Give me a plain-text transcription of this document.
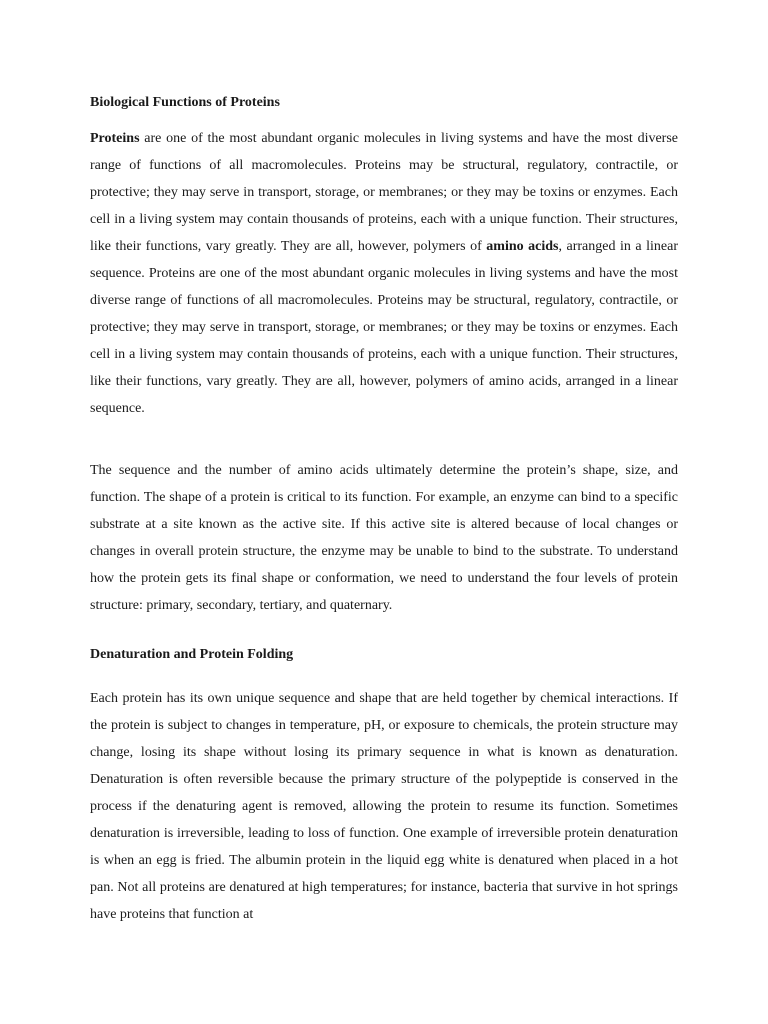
Biological Functions of Proteins

Proteins are one of the most abundant organic molecules in living systems and have the most diverse range of functions of all macromolecules. Proteins may be structural, regulatory, contractile, or protective; they may serve in transport, storage, or membranes; or they may be toxins or enzymes. Each cell in a living system may contain thousands of proteins, each with a unique function. Their structures, like their functions, vary greatly. They are all, however, polymers of amino acids, arranged in a linear sequence. Proteins are one of the most abundant organic molecules in living systems and have the most diverse range of functions of all macromolecules. Proteins may be structural, regulatory, contractile, or protective; they may serve in transport, storage, or membranes; or they may be toxins or enzymes. Each cell in a living system may contain thousands of proteins, each with a unique function. Their structures, like their functions, vary greatly. They are all, however, polymers of amino acids, arranged in a linear sequence.

The sequence and the number of amino acids ultimately determine the protein’s shape, size, and function. The shape of a protein is critical to its function. For example, an enzyme can bind to a specific substrate at a site known as the active site. If this active site is altered because of local changes or changes in overall protein structure, the enzyme may be unable to bind to the substrate. To understand how the protein gets its final shape or conformation, we need to understand the four levels of protein structure: primary, secondary, tertiary, and quaternary.

Denaturation and Protein Folding

Each protein has its own unique sequence and shape that are held together by chemical interactions. If the protein is subject to changes in temperature, pH, or exposure to chemicals, the protein structure may change, losing its shape without losing its primary sequence in what is known as denaturation. Denaturation is often reversible because the primary structure of the polypeptide is conserved in the process if the denaturing agent is removed, allowing the protein to resume its function. Sometimes denaturation is irreversible, leading to loss of function. One example of irreversible protein denaturation is when an egg is fried. The albumin protein in the liquid egg white is denatured when placed in a hot pan. Not all proteins are denatured at high temperatures; for instance, bacteria that survive in hot springs have proteins that function at
